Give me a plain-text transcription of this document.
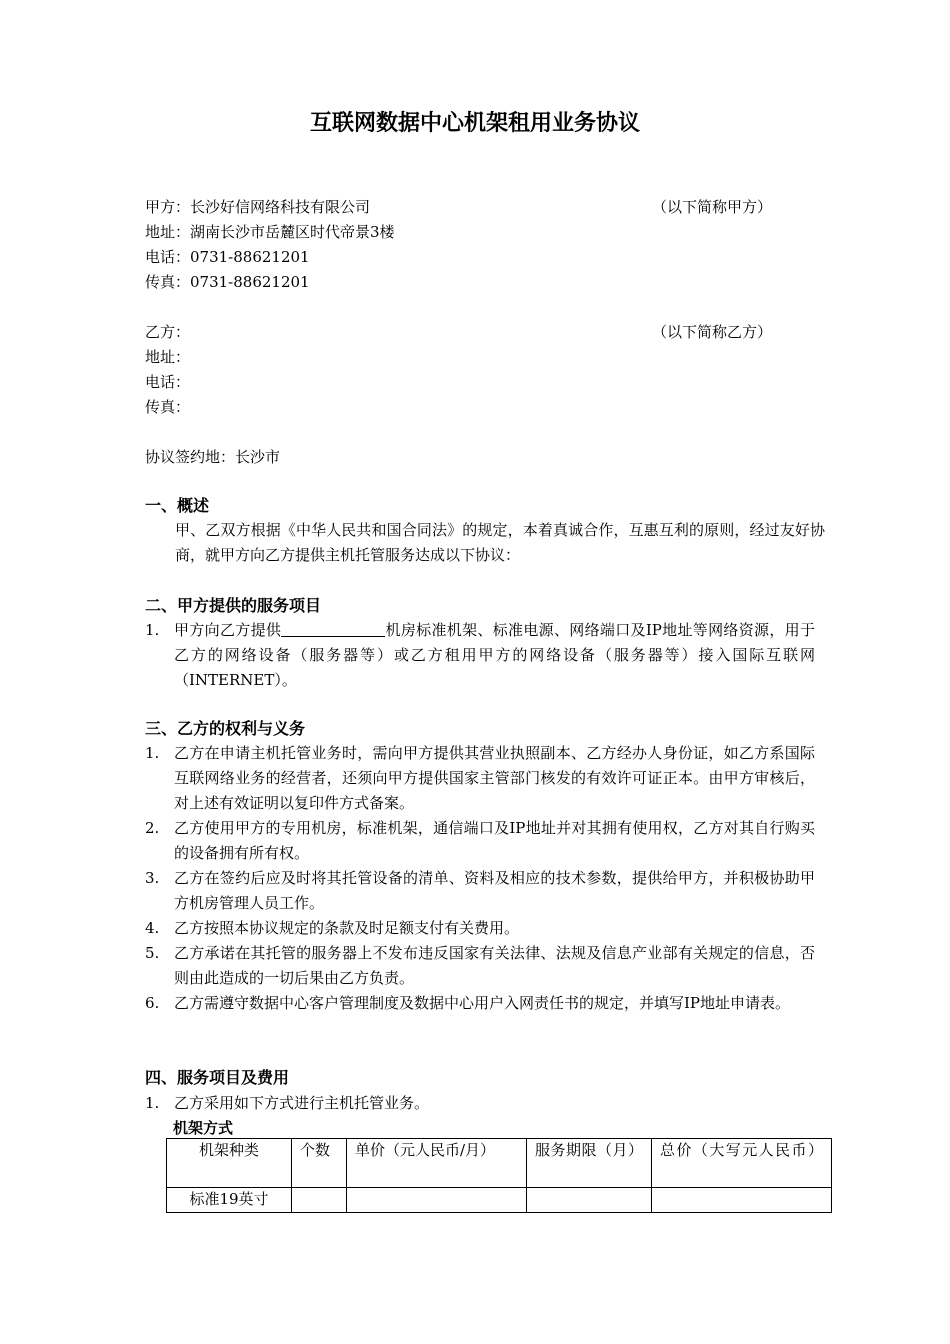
互联网数据中心机架租用业务协议
甲方：长沙好信网络科技有限公司	（以下简称甲方）
地址：湖南长沙市岳麓区时代帝景3楼
电话：0731-88621201
传真：0731-88621201
乙方：	（以下简称乙方）
地址：
电话：
传真：
协议签约地：长沙市
一、概述
甲、乙双方根据《中华人民共和国合同法》的规定，本着真诚合作，互惠互利的原则，经过友好协商，就甲方向乙方提供主机托管服务达成以下协议：
二、甲方提供的服务项目
1. 甲方向乙方提供	机房标准机架、标准电源、网络端口及IP地址等网络资源，用于乙方的网络设备（服务器等）或乙方租用甲方的网络设备（服务器等）接入国际互联网（INTERNET）。
三、乙方的权利与义务
1. 乙方在申请主机托管业务时，需向甲方提供其营业执照副本、乙方经办人身份证，如乙方系国际互联网络业务的经营者，还须向甲方提供国家主管部门核发的有效许可证正本。由甲方审核后，对上述有效证明以复印件方式备案。
2. 乙方使用甲方的专用机房，标准机架，通信端口及IP地址并对其拥有使用权，乙方对其自行购买的设备拥有所有权。
3. 乙方在签约后应及时将其托管设备的清单、资料及相应的技术参数，提供给甲方，并积极协助甲方机房管理人员工作。
4. 乙方按照本协议规定的条款及时足额支付有关费用。
5. 乙方承诺在其托管的服务器上不发布违反国家有关法律、法规及信息产业部有关规定的信息，否则由此造成的一切后果由乙方负责。
6. 乙方需遵守数据中心客户管理制度及数据中心用户入网责任书的规定，并填写IP地址申请表。
四、服务项目及费用
1. 乙方采用如下方式进行主机托管业务。
机架方式
机架种类	个数	单价（元人民币/月）	服务期限（月）	总价（大写元人民币）
标准19英寸				
